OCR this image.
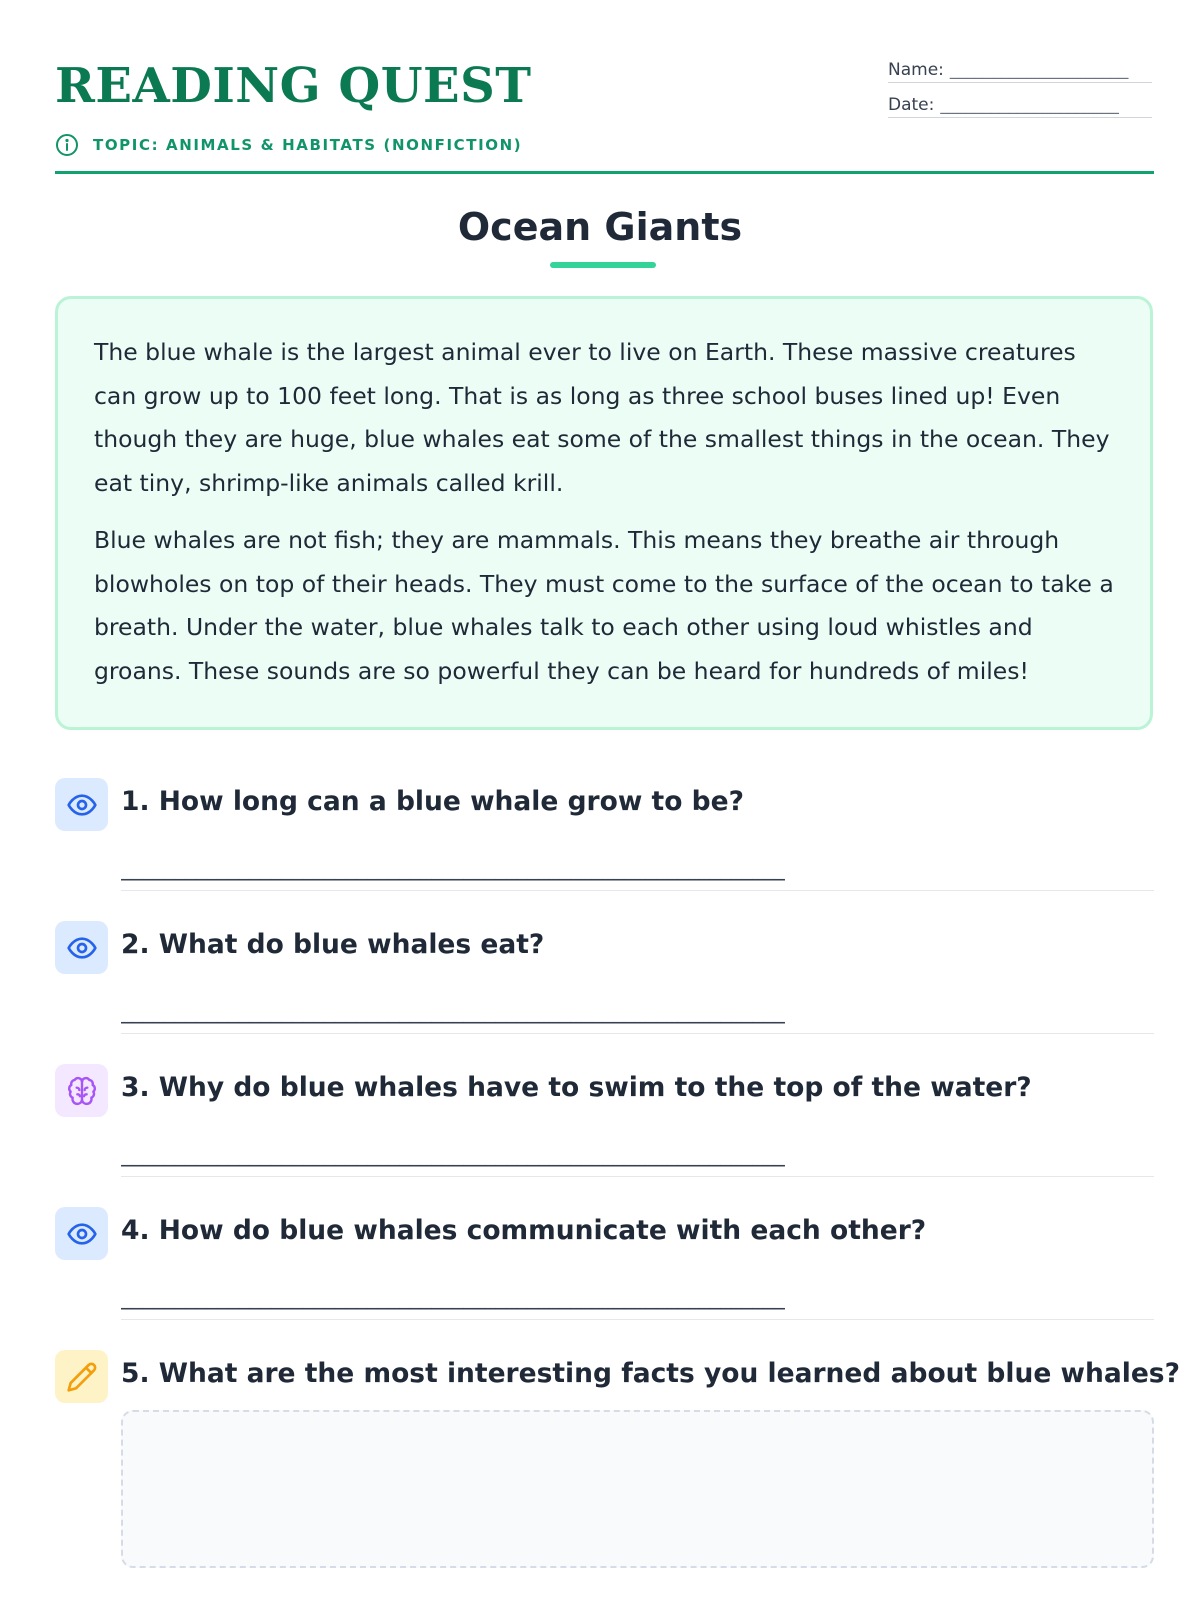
READING QUEST
TOPIC: ANIMALS & HABITATS (NONFICTION)
Name: _____________________
Date: _____________________
Ocean Giants

The blue whale is the largest animal ever to live on Earth. These massive creatures can grow up to 100 feet long. That is as long as three school buses lined up! Even though they are huge, blue whales eat some of the smallest things in the ocean. They eat tiny, shrimp-like animals called krill.

Blue whales are not fish; they are mammals. This means they breathe air through blowholes on top of their heads. They must come to the surface of the ocean to take a breath. Under the water, blue whales talk to each other using loud whistles and groans. These sounds are so powerful they can be heard for hundreds of miles!

1. How long can a blue whale grow to be?
______________________________________________________________
2. What do blue whales eat?
______________________________________________________________
3. Why do blue whales have to swim to the top of the water?
______________________________________________________________
4. How do blue whales communicate with each other?
______________________________________________________________
5. What are the most interesting facts you learned about blue whales?
